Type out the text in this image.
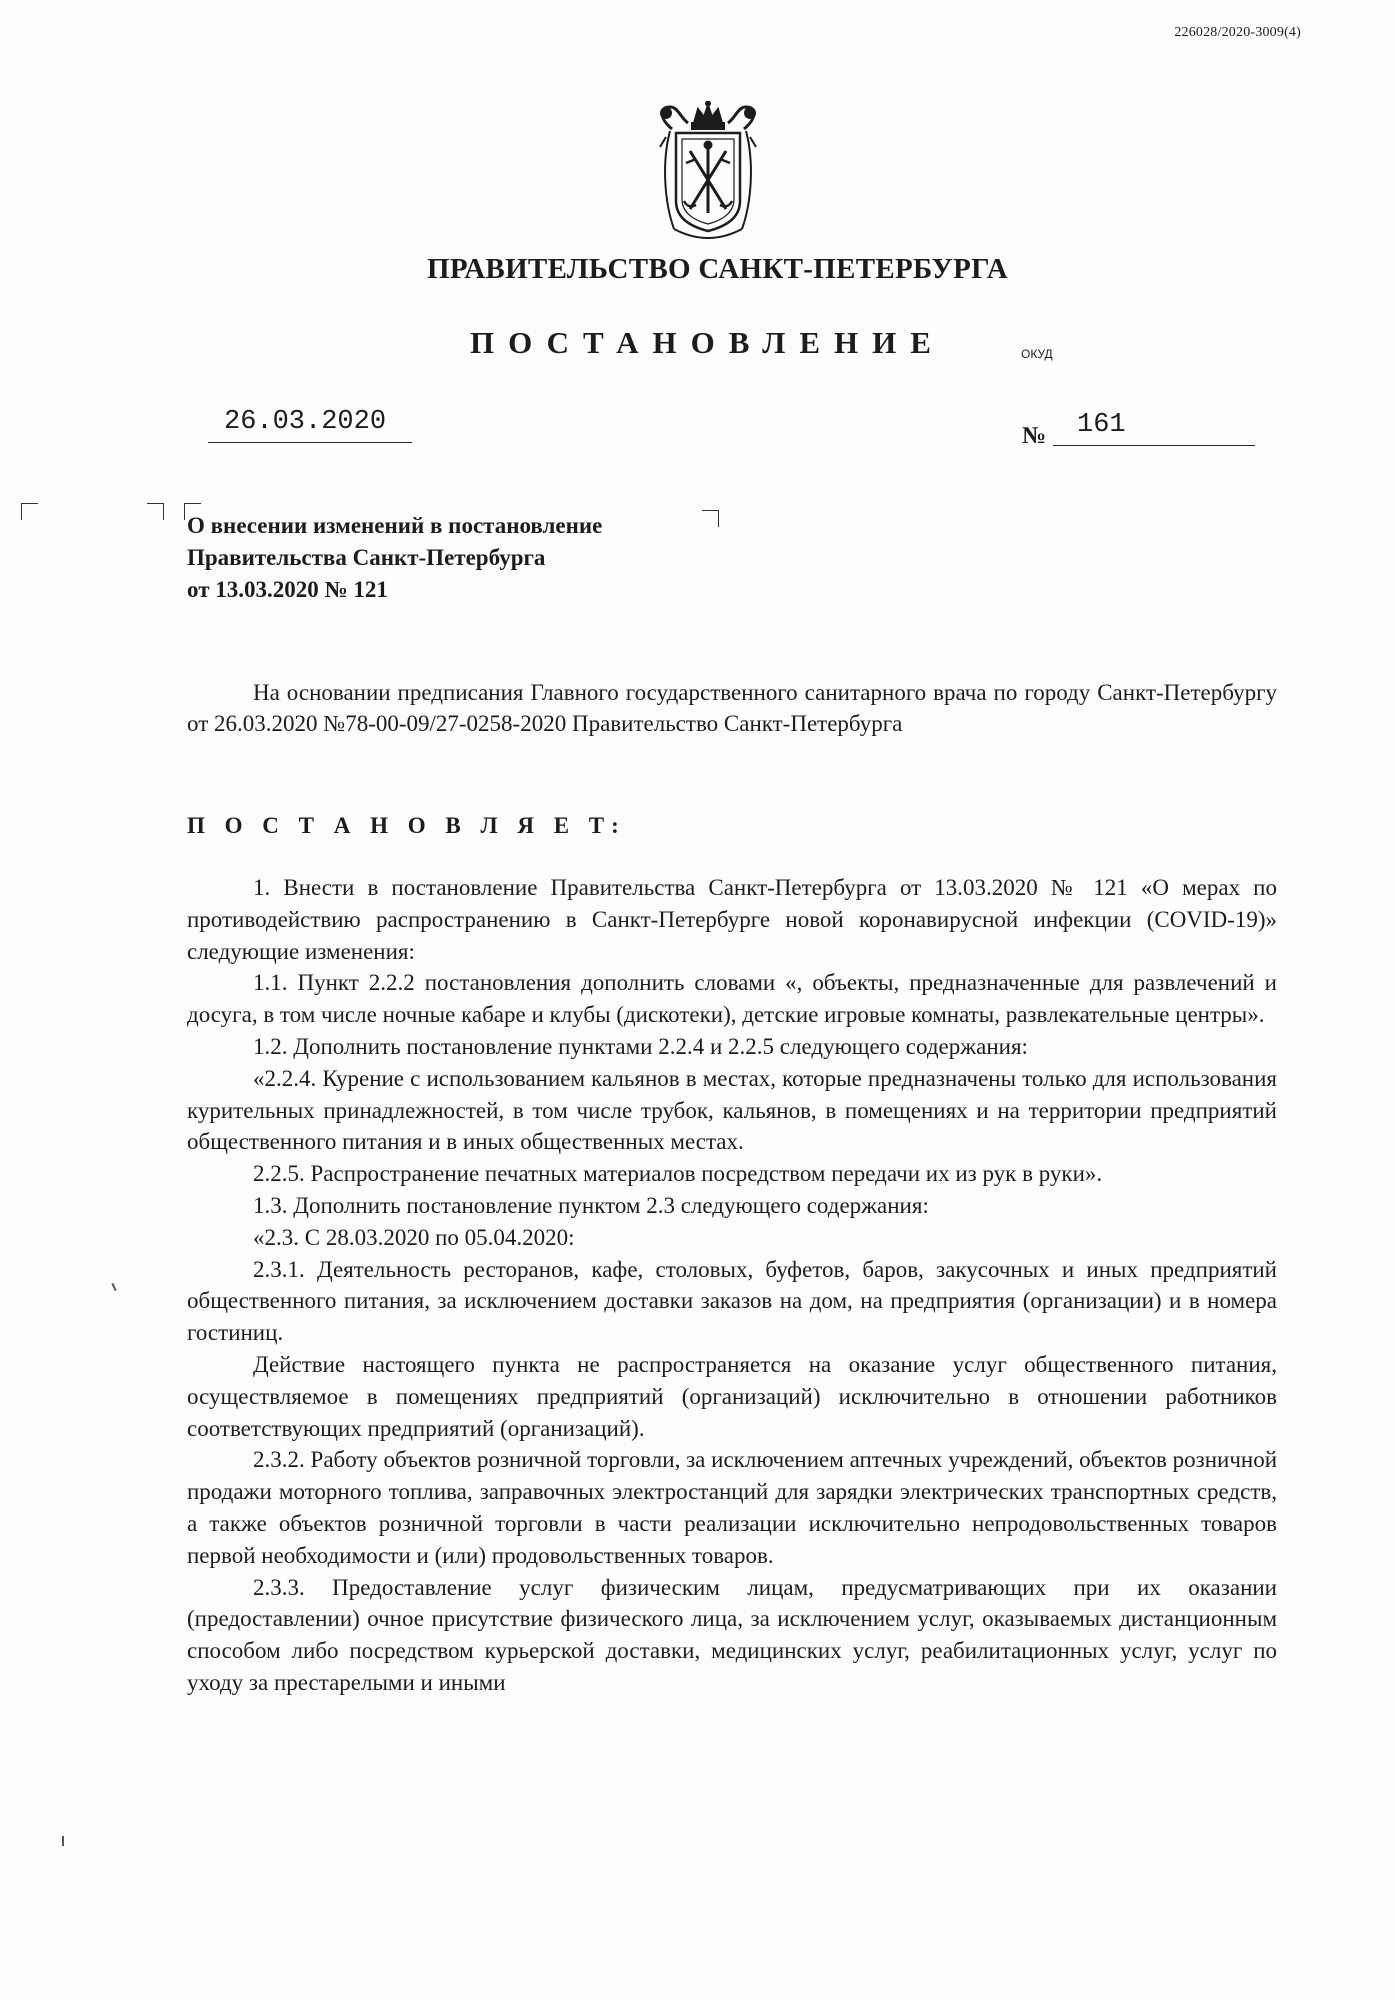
226028/2020-3009(4)
ПРАВИТЕЛЬСТВО САНКТ-ПЕТЕРБУРГА
ПОСТАНОВЛЕНИЕ	ОКУД
26.03.2020	№	161
О внесении изменений в постановление
Правительства Санкт-Петербурга
от 13.03.2020 № 121

На основании предписания Главного государственного санитарного врача по городу Санкт-Петербургу от 26.03.2020 №78-00-09/27-0258-2020 Правительство Санкт-Петербурга

П О С Т А Н О В Л Я Е Т:

1. Внести в постановление Правительства Санкт-Петербурга от 13.03.2020 № 121 «О мерах по противодействию распространению в Санкт-Петербурге новой коронавирусной инфекции (COVID-19)» следующие изменения:

1.1. Пункт 2.2.2 постановления дополнить словами «, объекты, предназначенные для развлечений и досуга, в том числе ночные кабаре и клубы (дискотеки), детские игровые комнаты, развлекательные центры».

1.2. Дополнить постановление пунктами 2.2.4 и 2.2.5 следующего содержания:

«2.2.4. Курение с использованием кальянов в местах, которые предназначены только для использования курительных принадлежностей, в том числе трубок, кальянов, в помещениях и на территории предприятий общественного питания и в иных общественных местах.

2.2.5. Распространение печатных материалов посредством передачи их из рук в руки».

1.3. Дополнить постановление пунктом 2.3 следующего содержания:

«2.3. С 28.03.2020 по 05.04.2020:

2.3.1. Деятельность ресторанов, кафе, столовых, буфетов, баров, закусочных и иных предприятий общественного питания, за исключением доставки заказов на дом, на предприятия (организации) и в номера гостиниц.

Действие настоящего пункта не распространяется на оказание услуг общественного питания, осуществляемое в помещениях предприятий (организаций) исключительно в отношении работников соответствующих предприятий (организаций).

2.3.2. Работу объектов розничной торговли, за исключением аптечных учреждений, объектов розничной продажи моторного топлива, заправочных электростанций для зарядки электрических транспортных средств, а также объектов розничной торговли в части реализации исключительно непродовольственных товаров первой необходимости и (или) продовольственных товаров.

2.3.3. Предоставление услуг физическим лицам, предусматривающих при их оказании (предоставлении) очное присутствие физического лица, за исключением услуг, оказываемых дистанционным способом либо посредством курьерской доставки, медицинских услуг, реабилитационных услуг, услуг по уходу за престарелыми и иными
